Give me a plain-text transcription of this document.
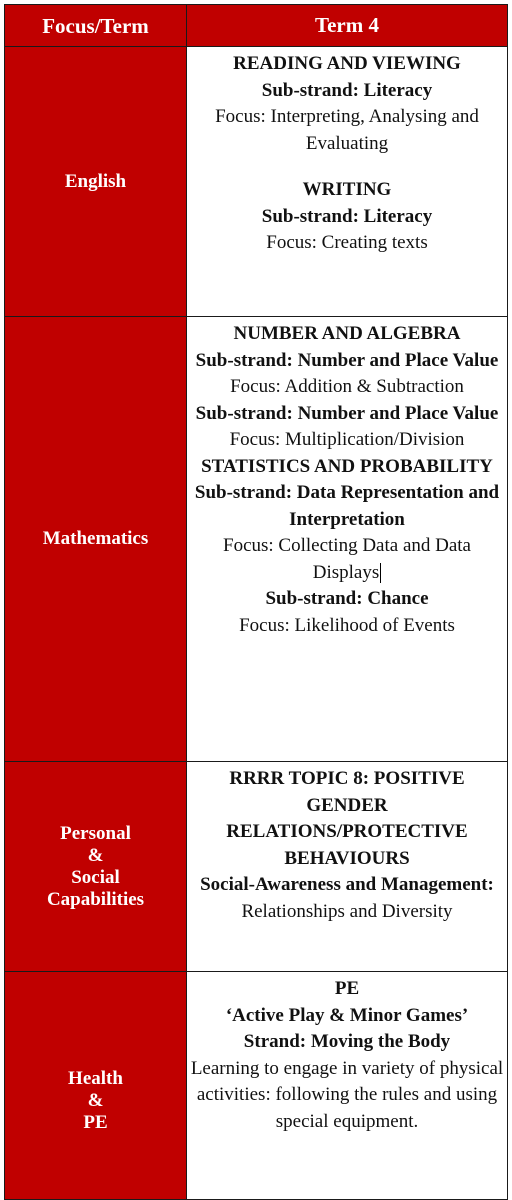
Focus/Term	Term 4
English
READING AND VIEWING
Sub-strand: Literacy
Focus: Interpreting, Analysing and Evaluating
WRITING
Sub-strand: Literacy
Focus: Creating texts
Mathematics
NUMBER AND ALGEBRA
Sub-strand: Number and Place Value
Focus: Addition & Subtraction
Sub-strand: Number and Place Value
Focus: Multiplication/Division
STATISTICS AND PROBABILITY
Sub-strand: Data Representation and Interpretation
Focus: Collecting Data and Data Displays
Sub-strand: Chance
Focus: Likelihood of Events
Personal
&
Social
Capabilities
RRRR TOPIC 8: POSITIVE GENDER RELATIONS/PROTECTIVE BEHAVIOURS
Social-Awareness and Management:
Relationships and Diversity
Health
&
PE
PE
‘Active Play & Minor Games’
Strand: Moving the Body
Learning to engage in variety of physical activities: following the rules and using special equipment.
